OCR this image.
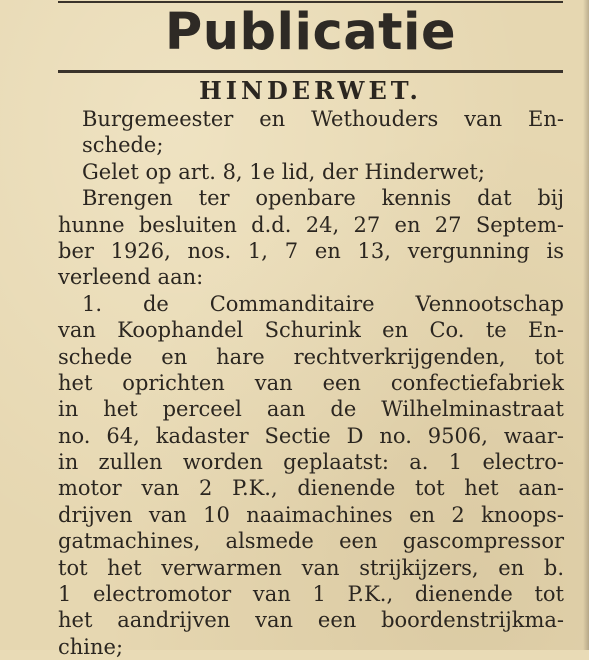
Publicatie
HINDERWET.
Burgemeester en Wethouders van En-
schede;
Gelet op art. 8, 1e lid, der Hinderwet;
Brengen ter openbare kennis dat bij
hunne besluiten d.d. 24, 27 en 27 Septem-
ber 1926, nos. 1, 7 en 13, vergunning is
verleend aan:
1. de Commanditaire Vennootschap
van Koophandel Schurink en Co. te En-
schede en hare rechtverkrijgenden, tot
het oprichten van een confectiefabriek
in het perceel aan de Wilhelminastraat
no. 64, kadaster Sectie D no. 9506, waar-
in zullen worden geplaatst: a. 1 electro-
motor van 2 P.K., dienende tot het aan-
drijven van 10 naaimachines en 2 knoops-
gatmachines, alsmede een gascompressor
tot het verwarmen van strijkijzers, en b.
1 electromotor van 1 P.K., dienende tot
het aandrijven van een boordenstrijkma-
chine;
